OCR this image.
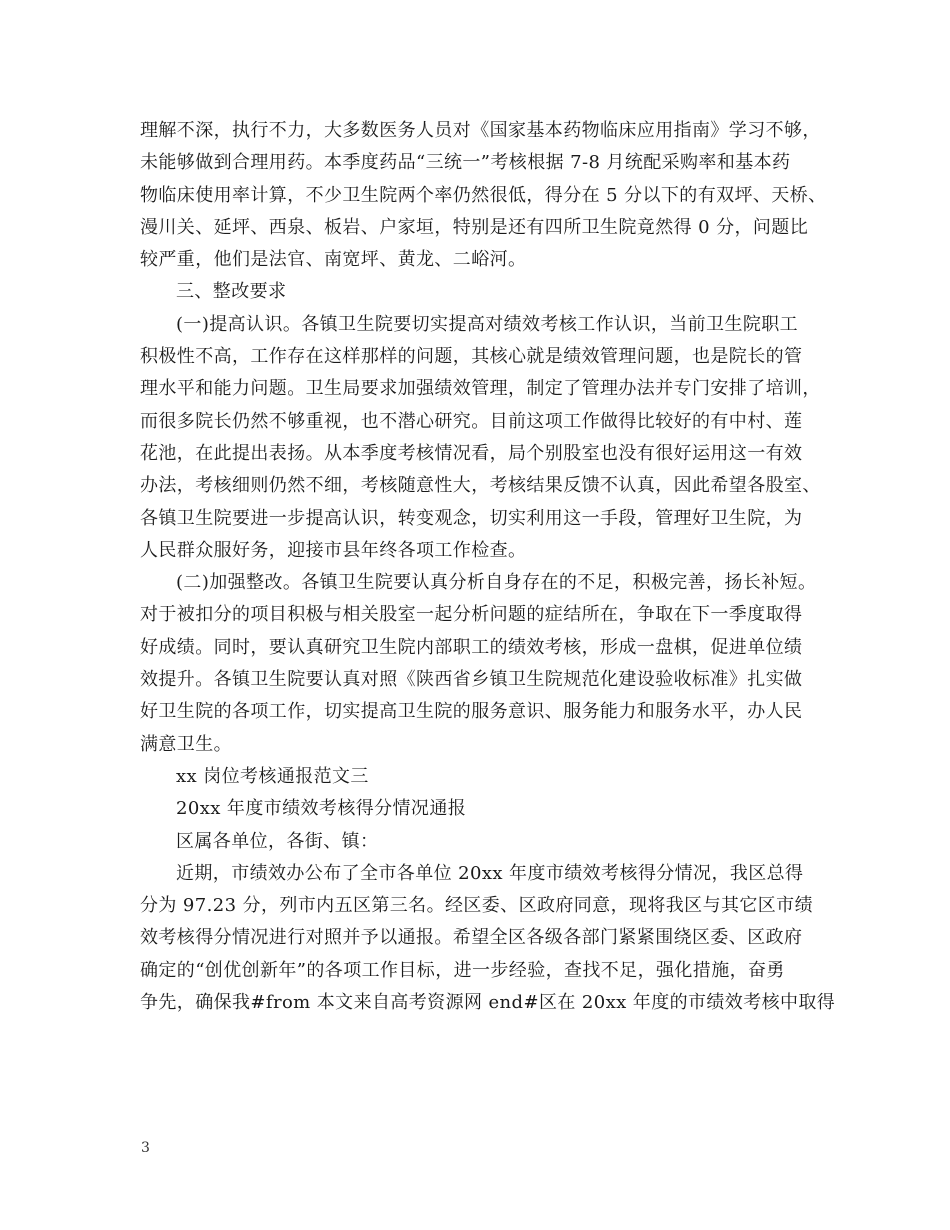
理解不深，执行不力，大多数医务人员对《国家基本药物临床应用指南》学习不够，
未能够做到合理用药。本季度药品“三统一”考核根据 7-8 月统配采购率和基本药
物临床使用率计算，不少卫生院两个率仍然很低，得分在 5 分以下的有双坪、天桥、
漫川关、延坪、西泉、板岩、户家垣，特别是还有四所卫生院竟然得 0 分，问题比
较严重，他们是法官、南宽坪、黄龙、二峪河。
三、整改要求
(一)提高认识。各镇卫生院要切实提高对绩效考核工作认识，当前卫生院职工
积极性不高，工作存在这样那样的问题，其核心就是绩效管理问题，也是院长的管
理水平和能力问题。卫生局要求加强绩效管理，制定了管理办法并专门安排了培训，
而很多院长仍然不够重视，也不潜心研究。目前这项工作做得比较好的有中村、莲
花池，在此提出表扬。从本季度考核情况看，局个别股室也没有很好运用这一有效
办法，考核细则仍然不细，考核随意性大，考核结果反馈不认真，因此希望各股室、
各镇卫生院要进一步提高认识，转变观念，切实利用这一手段，管理好卫生院，为
人民群众服好务，迎接市县年终各项工作检查。
(二)加强整改。各镇卫生院要认真分析自身存在的不足，积极完善，扬长补短。
对于被扣分的项目积极与相关股室一起分析问题的症结所在，争取在下一季度取得
好成绩。同时，要认真研究卫生院内部职工的绩效考核，形成一盘棋，促进单位绩
效提升。各镇卫生院要认真对照《陕西省乡镇卫生院规范化建设验收标准》扎实做
好卫生院的各项工作，切实提高卫生院的服务意识、服务能力和服务水平，办人民
满意卫生。
xx 岗位考核通报范文三
20xx 年度市绩效考核得分情况通报
区属各单位，各街、镇：
近期，市绩效办公布了全市各单位 20xx 年度市绩效考核得分情况，我区总得
分为 97.23 分，列市内五区第三名。经区委、区政府同意，现将我区与其它区市绩
效考核得分情况进行对照并予以通报。希望全区各级各部门紧紧围绕区委、区政府
确定的“创优创新年”的各项工作目标，进一步经验，查找不足，强化措施，奋勇
争先，确保我#from 本文来自高考资源网 end#区在 20xx 年度的市绩效考核中取得
3
